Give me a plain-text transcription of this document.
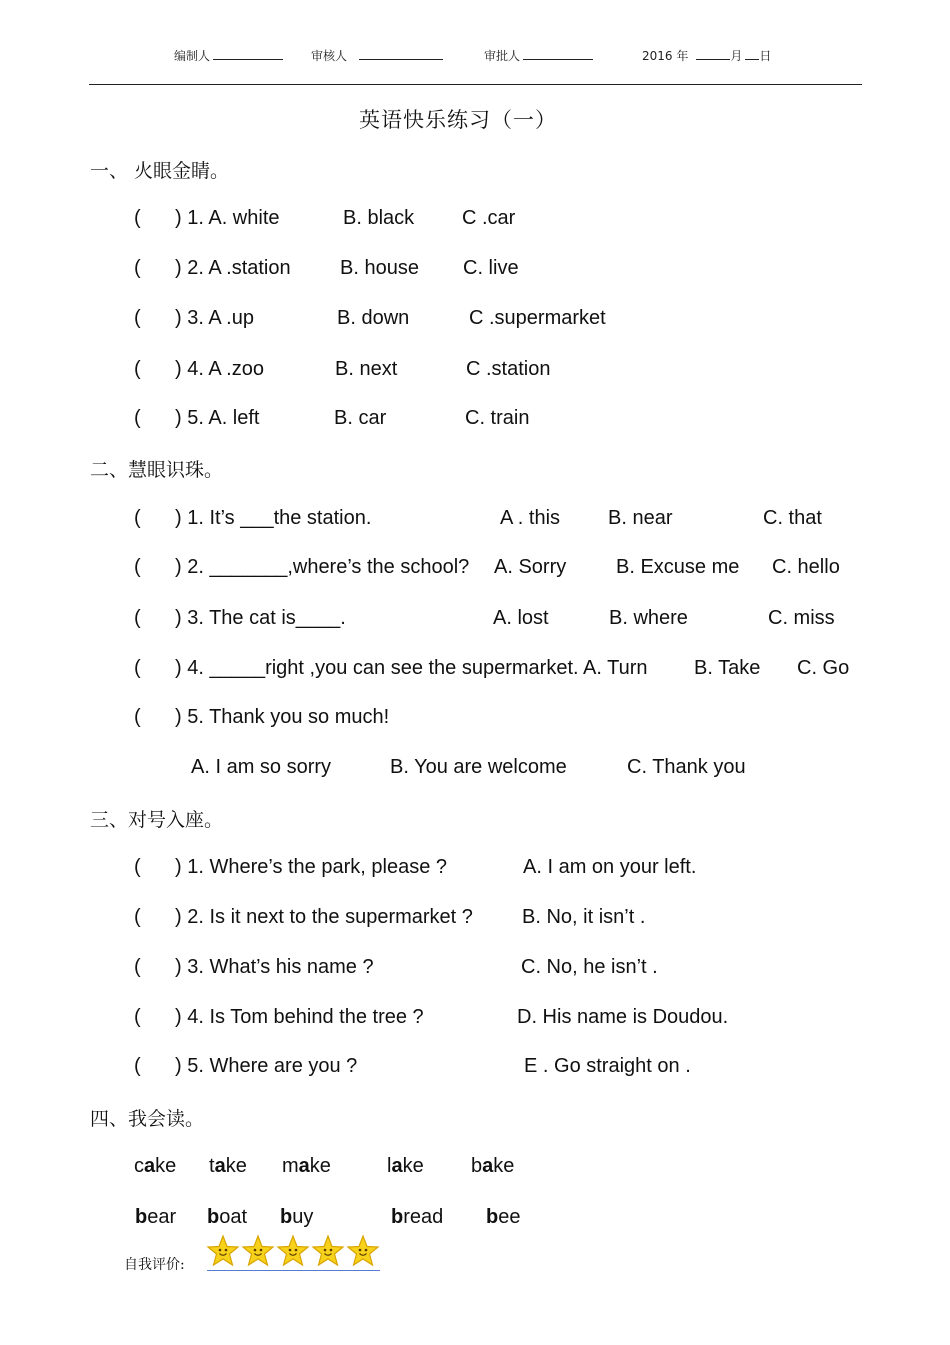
编制人	审核人	审批人	2016 年	月 日
英语快乐练习（一）
一、 火眼金睛。
( ) 1. A. white	B. black C .car
( ) 2. A .station B. house C. live
( ) 3. A .up	B. down	C .supermarket
( ) 4. A .zoo	B. next	C .station
( ) 5. A. left	B. car	C. train
二、慧眼识珠。
( ) 1. It’s ___the station.	A . this B. near	C. that
( ) 2. _______,where’s the school? A. Sorry B. Excuse me C. hello
( ) 3. The cat is____.	A. lost	B. where	C. miss
( ) 4. _____right ,you can see the supermarket. A. Turn B. Take C. Go
( ) 5. Thank you so much!
A. I am so sorry	B. You are welcome	C. Thank you
三、对号入座。
( ) 1. Where’s the park, please ?	A. I am on your left.
( ) 2. Is it next to the supermarket ? B. No, it isn’t .
( ) 3. What’s his name ?	C. No, he isn’t .
( ) 4. Is Tom behind the tree ?	D. His name is Doudou.
( ) 5. Where are you ?	E . Go straight on .
四、我会读。
cake take make	lake bake
bear boat buy	bread bee
自我评价:
